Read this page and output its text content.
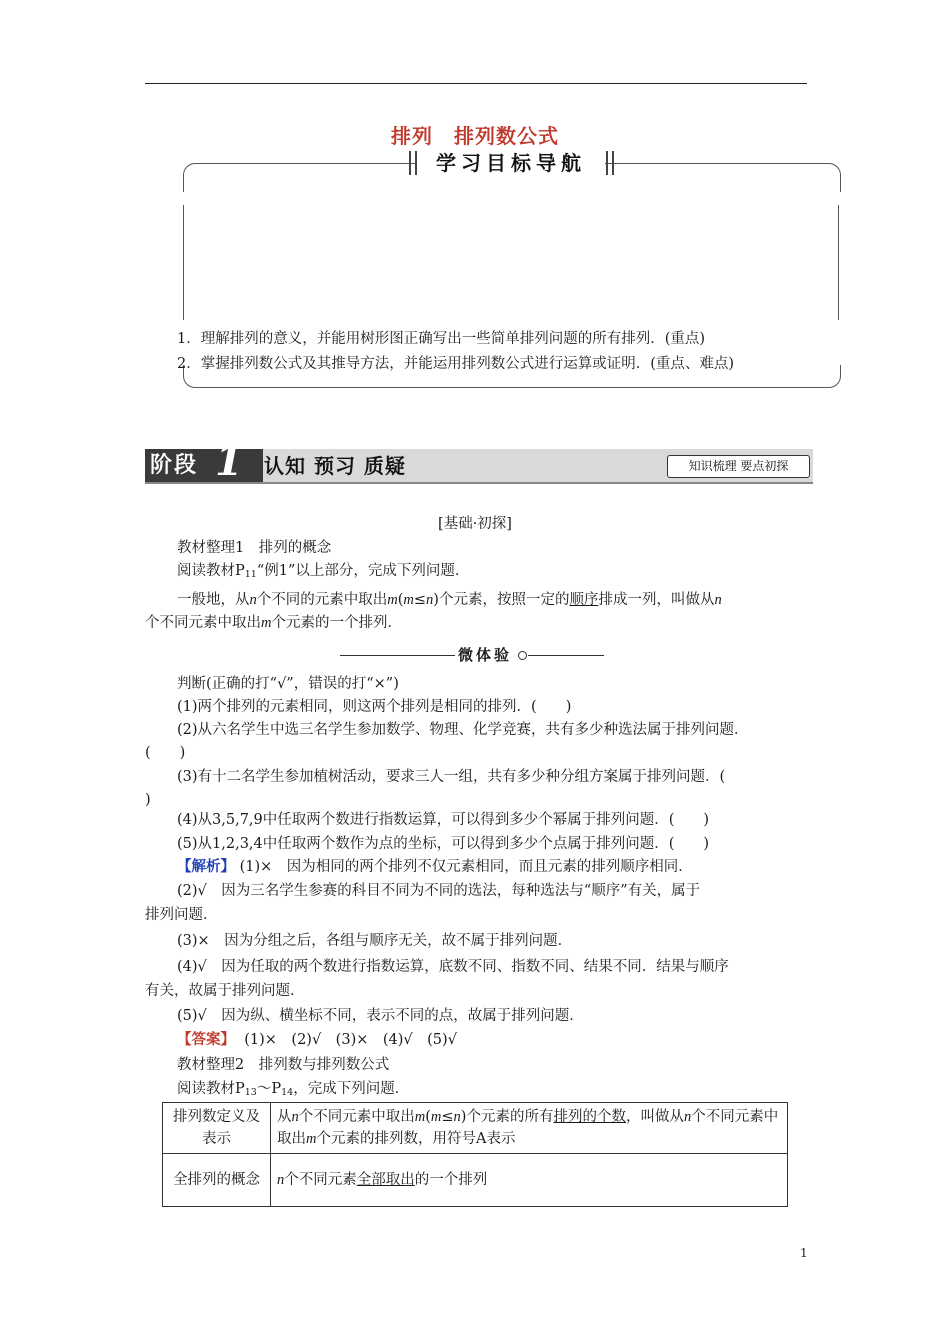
排列　排列数公式
学习目标导航
1．理解排列的意义，并能用树形图正确写出一些简单排列问题的所有排列．(重点)
2．掌握排列数公式及其推导方法，并能运用排列数公式进行运算或证明．(重点、难点)
阶段 1 认知 预习 质疑	知识梳理 要点初探
[基础·初探]
教材整理1　排列的概念
阅读教材$P_{11}“$例1”以上部分，完成下列问题．
一般地，从n个不同的元素中取出m(m≤n)个元素，按照一定的顺序排成一列，叫做从n
个不同元素中取出m个元素的一个排列．
微体验
判断(正确的打“√”，错误的打“×”)
(1)两个排列的元素相同，则这两个排列是相同的排列．(　　)
(2)从六名学生中选三名学生参加数学、物理、化学竞赛，共有多少种选法属于排列问题．
(　　)
(3)有十二名学生参加植树活动，要求三人一组，共有多少种分组方案属于排列问题．(
)
(4)从3,5,7,9中任取两个数进行指数运算，可以得到多少个幂属于排列问题．(　　)
(5)从1,2,3,4中任取两个数作为点的坐标，可以得到多少个点属于排列问题．(　　)
【解析】 (1)×　因为相同的两个排列不仅元素相同，而且元素的排列顺序相同．
(2)√　因为三名学生参赛的科目不同为不同的选法，每种选法与“顺序”有关，属于
排列问题．
(3)×　因为分组之后，各组与顺序无关，故不属于排列问题．
(4)√　因为任取的两个数进行指数运算，底数不同、指数不同、结果不同．结果与顺序
有关，故属于排列问题．
(5)√　因为纵、横坐标不同，表示不同的点，故属于排列问题．
【答案】 (1)×　(2)√　(3)×　(4)√　(5)√
教材整理2　排列数与排列数公式
阅读教材$P_{13}\sim P_{14}$，完成下列问题．
排列数定义及表示	从n个不同元素中取出m(m≤n)个元素的所有排列的个数，叫做从n个不同元素中取出m个元素的排列数，用符号A表示
全排列的概念	n个不同元素全部取出的一个排列
1
